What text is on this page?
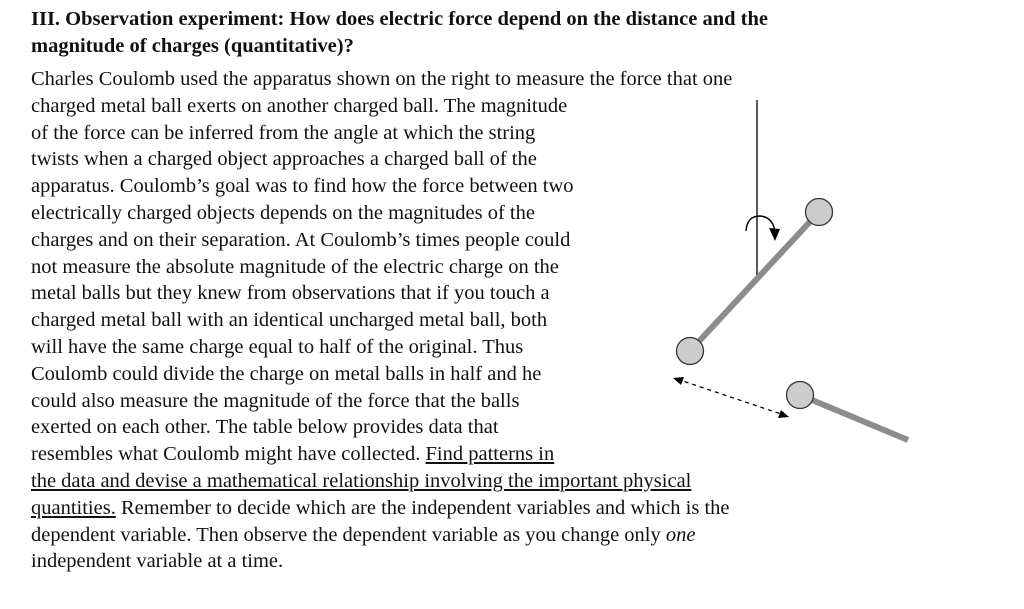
III. Observation experiment: How does electric force depend on the distance and the
magnitude of charges (quantitative)?

Charles Coulomb used the apparatus shown on the right to measure the force that one
charged metal ball exerts on another charged ball. The magnitude
of the force can be inferred from the angle at which the string
twists when a charged object approaches a charged ball of the
apparatus. Coulomb’s goal was to find how the force between two
electrically charged objects depends on the magnitudes of the
charges and on their separation. At Coulomb’s times people could
not measure the absolute magnitude of the electric charge on the
metal balls but they knew from observations that if you touch a
charged metal ball with an identical uncharged metal ball, both
will have the same charge equal to half of the original. Thus
Coulomb could divide the charge on metal balls in half and he
could also measure the magnitude of the force that the balls
exerted on each other. The table below provides data that
resembles what Coulomb might have collected. Find patterns in
the data and devise a mathematical relationship involving the important physical
quantities. Remember to decide which are the independent variables and which is the
dependent variable. Then observe the dependent variable as you change only one
independent variable at a time.
